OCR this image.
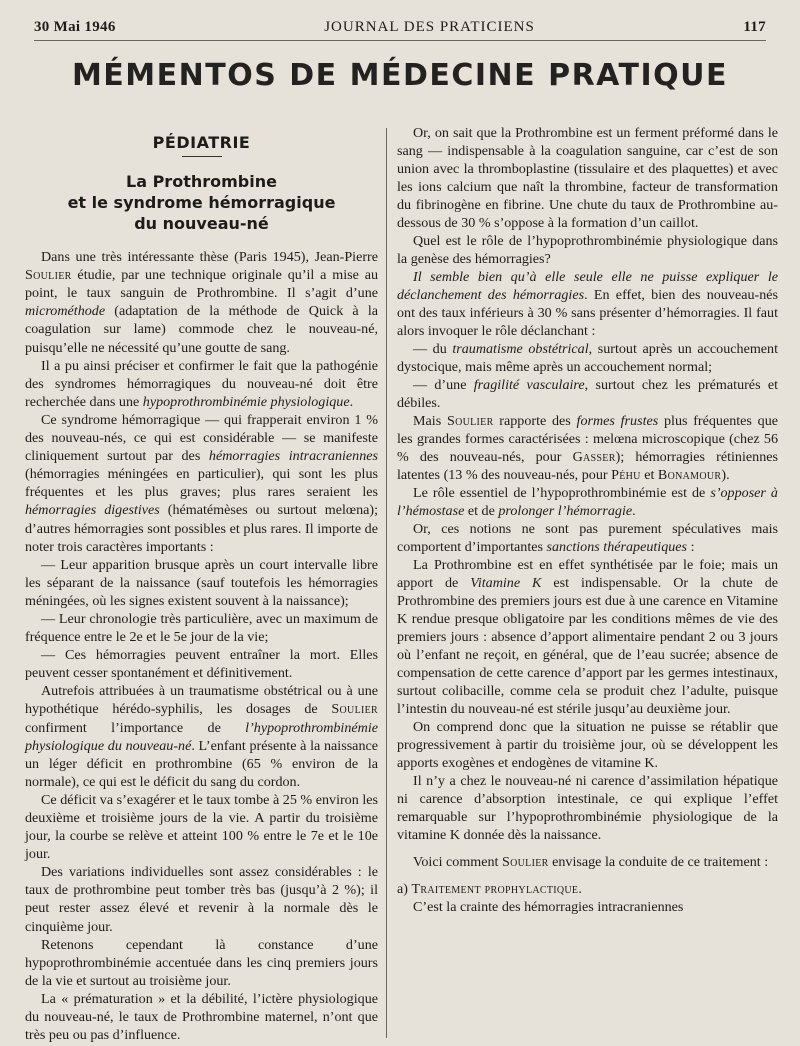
30 Mai 1946	JOURNAL DES PRATICIENS	117
MÉMENTOS DE MÉDECINE PRATIQUE
PÉDIATRIE
La Prothrombine
et le syndrome hémorragique
du nouveau-né

Dans une très intéressante thèse (Paris 1945), Jean-Pierre Soulier étudie, par une technique originale qu’il a mise au point, le taux sanguin de Prothrombine. Il s’agit d’une microméthode (adaptation de la méthode de Quick à la coagulation sur lame) commode chez le nouveau-né, puisqu’elle ne nécessité qu’une goutte de sang.

Il a pu ainsi préciser et confirmer le fait que la pathogénie des syndromes hémorragiques du nouveau-né doit être recherchée dans une hypoprothrombinémie physiologique.

Ce syndrome hémorragique — qui frapperait environ 1 % des nouveau-nés, ce qui est considérable — se manifeste cliniquement surtout par des hémorragies intracraniennes (hémorragies méningées en particulier), qui sont les plus fréquentes et les plus graves; plus rares seraient les hémorragies digestives (hématémèses ou surtout melœna); d’autres hémorragies sont possibles et plus rares. Il importe de noter trois caractères importants :

— Leur apparition brusque après un court intervalle libre les séparant de la naissance (sauf toutefois les hémorragies méningées, où les signes existent souvent à la naissance);

— Leur chronologie très particulière, avec un maximum de fréquence entre le 2e et le 5e jour de la vie;

— Ces hémorragies peuvent entraîner la mort. Elles peuvent cesser spontanément et définitivement.

Autrefois attribuées à un traumatisme obstétrical ou à une hypothétique hérédo-syphilis, les dosages de Soulier confirment l’importance de l’hypoprothrombinémie physiologique du nouveau-né. L’enfant présente à la naissance un léger déficit en prothrombine (65 % environ de la normale), ce qui est le déficit du sang du cordon.

Ce déficit va s’exagérer et le taux tombe à 25 % environ les deuxième et troisième jours de la vie. A partir du troisième jour, la courbe se relève et atteint 100 % entre le 7e et le 10e jour.

Des variations individuelles sont assez considérables : le taux de prothrombine peut tomber très bas (jusqu’à 2 %); il peut rester assez élevé et revenir à la normale dès le cinquième jour.

Retenons cependant là constance d’une hypoprothrombinémie accentuée dans les cinq premiers jours de la vie et surtout au troisième jour.

La « prématuration » et la débilité, l’ictère physiologique du nouveau-né, le taux de Prothrombine maternel, n’ont que très peu ou pas d’influence.

Or, on sait que la Prothrombine est un ferment préformé dans le sang — indispensable à la coagulation sanguine, car c’est de son union avec la thromboplastine (tissulaire et des plaquettes) et avec les ions calcium que naît la thrombine, facteur de transformation du fibrinogène en fibrine. Une chute du taux de Prothrombine au-dessous de 30 % s’oppose à la formation d’un caillot.

Quel est le rôle de l’hypoprothrombinémie physiologique dans la genèse des hémorragies?

Il semble bien qu’à elle seule elle ne puisse expliquer le déclanchement des hémorragies. En effet, bien des nouveau-nés ont des taux inférieurs à 30 % sans présenter d’hémorragies. Il faut alors invoquer le rôle déclanchant :

— du traumatisme obstétrical, surtout après un accouchement dystocique, mais même après un accouchement normal;

— d’une fragilité vasculaire, surtout chez les prématurés et débiles.

Mais Soulier rapporte des formes frustes plus fréquentes que les grandes formes caractérisées : melœna microscopique (chez 56 % des nouveau-nés, pour Gasser); hémorragies rétiniennes latentes (13 % des nouveau-nés, pour Péhu et Bonamour).

Le rôle essentiel de l’hypoprothrombinémie est de s’opposer à l’hémostase et de prolonger l’hémorragie.

Or, ces notions ne sont pas purement spéculatives mais comportent d’importantes sanctions thérapeutiques :

La Prothrombine est en effet synthétisée par le foie; mais un apport de Vitamine K est indispensable. Or la chute de Prothrombine des premiers jours est due à une carence en Vitamine K rendue presque obligatoire par les conditions mêmes de vie des premiers jours : absence d’apport alimentaire pendant 2 ou 3 jours où l’enfant ne reçoit, en général, que de l’eau sucrée; absence de compensation de cette carence d’apport par les germes intestinaux, surtout colibacille, comme cela se produit chez l’adulte, puisque l’intestin du nouveau-né est stérile jusqu’au deuxième jour.

On comprend donc que la situation ne puisse se rétablir que progressivement à partir du troisième jour, où se développent les apports exogènes et endogènes de vitamine K.

Il n’y a chez le nouveau-né ni carence d’assimilation hépatique ni carence d’absorption intestinale, ce qui explique l’effet remarquable sur l’hypoprothrombinémie physiologique de la vitamine K donnée dès la naissance.

Voici comment Soulier envisage la conduite de ce traitement :

a) Traitement prophylactique.

C’est la crainte des hémorragies intracraniennes
